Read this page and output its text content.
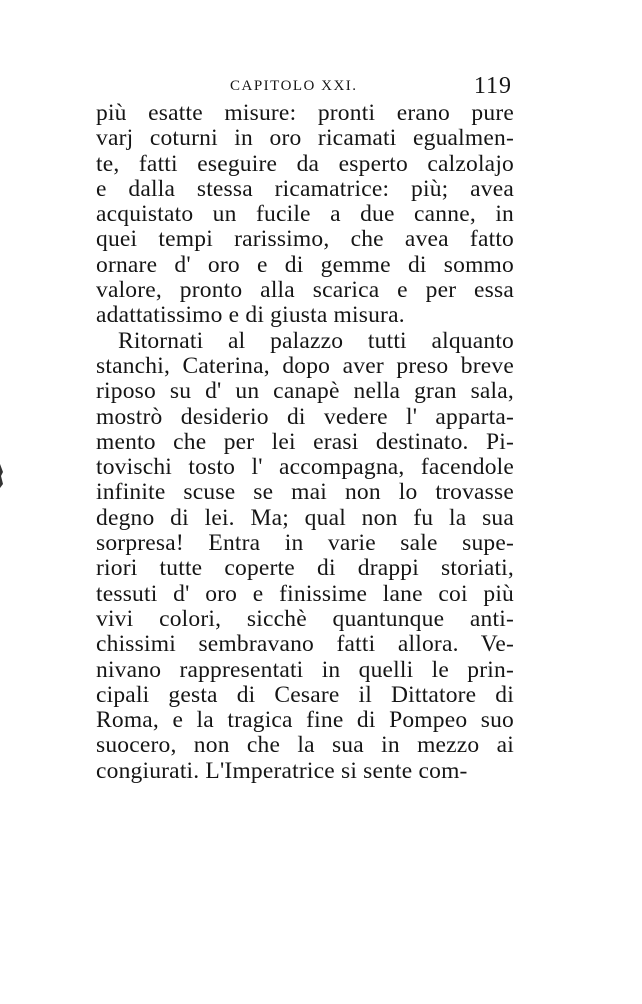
CAPITOLO XXI.	119
più esatte misure: pronti erano pure
varj coturni in oro ricamati egualmen-
te, fatti eseguire da esperto calzolajo
e dalla stessa ricamatrice: più; avea
acquistato un fucile a due canne, in
quei tempi rarissimo, che avea fatto
ornare d' oro e di gemme di sommo
valore, pronto alla scarica e per essa
adattatissimo e di giusta misura.
Ritornati al palazzo tutti alquanto
stanchi, Caterina, dopo aver preso breve
riposo su d' un canapè nella gran sala,
mostrò desiderio di vedere l' apparta-
mento che per lei erasi destinato. Pi-
tovischi tosto l' accompagna, facendole
infinite scuse se mai non lo trovasse
degno di lei. Ma; qual non fu la sua
sorpresa! Entra in varie sale supe-
riori tutte coperte di drappi storiati,
tessuti d' oro e finissime lane coi più
vivi colori, sicchè quantunque anti-
chissimi sembravano fatti allora. Ve-
nivano rappresentati in quelli le prin-
cipali gesta di Cesare il Dittatore di
Roma, e la tragica fine di Pompeo suo
suocero, non che la sua in mezzo ai
congiurati. L'Imperatrice si sente com-
